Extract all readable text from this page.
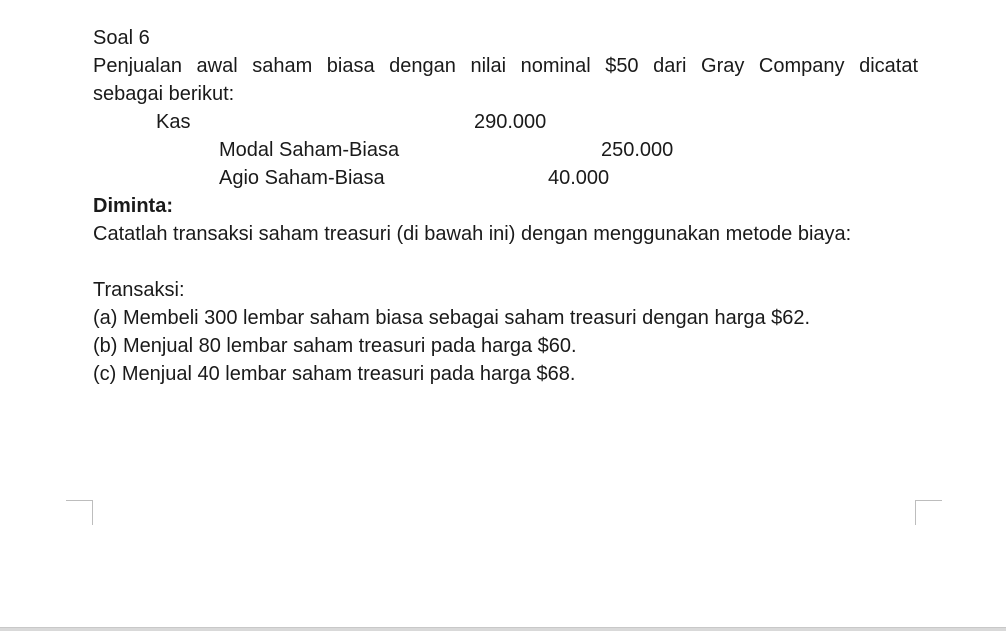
Soal 6
Penjualan awal saham biasa dengan nilai nominal $50 dari Gray Company dicatat
sebagai berikut:
Kas	290.000
Modal Saham-Biasa	250.000
Agio Saham-Biasa	40.000
Diminta:
Catatlah transaksi saham treasuri (di bawah ini) dengan menggunakan metode biaya:
Transaksi:
(a) Membeli 300 lembar saham biasa sebagai saham treasuri dengan harga $62.
(b) Menjual 80 lembar saham treasuri pada harga $60.
(c) Menjual 40 lembar saham treasuri pada harga $68.
